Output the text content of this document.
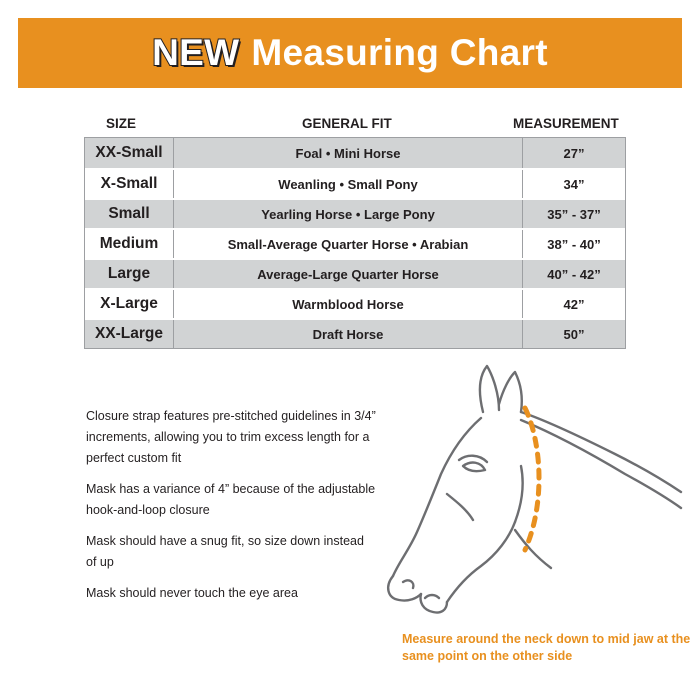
NEW Measuring Chart
SIZE	GENERAL FIT	MEASUREMENT
XX-Small	Foal • Mini Horse	27”
X-Small	Weanling • Small Pony	34”
Small	Yearling Horse • Large Pony	35” - 37”
Medium	Small-Average Quarter Horse • Arabian	38” - 40”
Large	Average-Large Quarter Horse	40” - 42”
X-Large	Warmblood Horse	42”
XX-Large	Draft Horse	50”

Closure strap features pre-stitched guidelines in 3/4” increments, allowing you to trim excess length for a perfect custom fit

Mask has a variance of 4” because of the adjustable hook-and-loop closure

Mask should have a snug fit, so size down instead of up

Mask should never touch the eye area

Measure around the neck down to mid jaw at the same point on the other side
